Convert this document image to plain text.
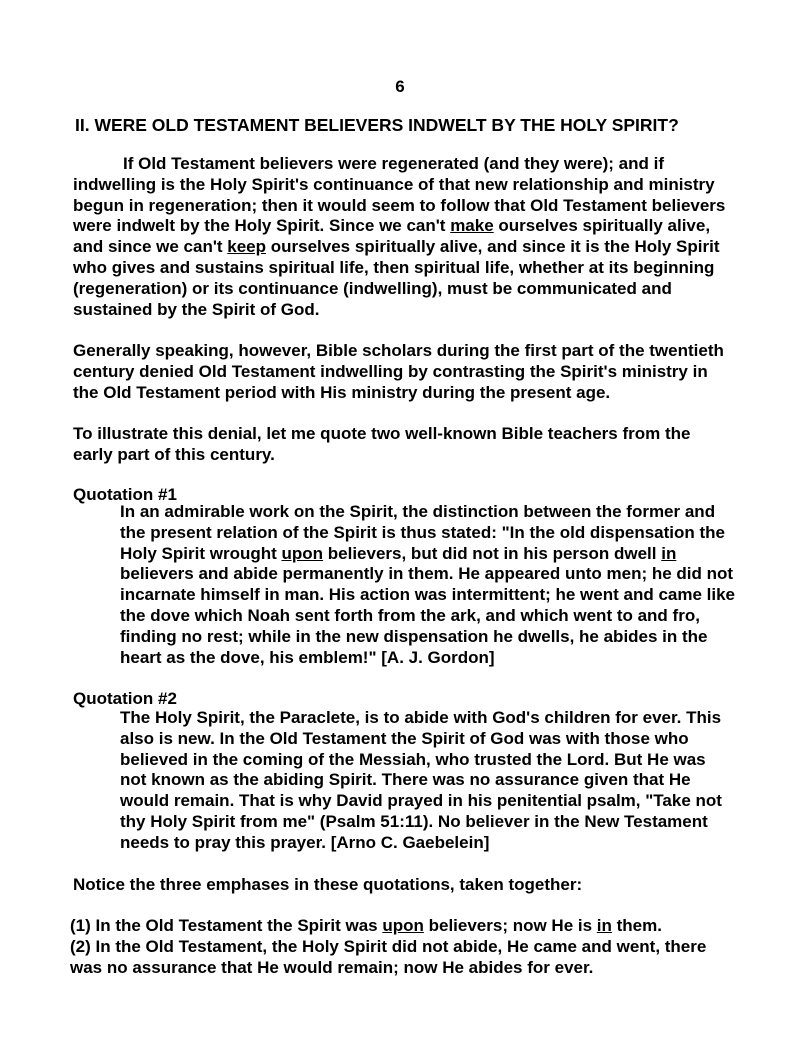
6
II. WERE OLD TESTAMENT BELIEVERS INDWELT BY THE HOLY SPIRIT?

If Old Testament believers were regenerated (and they were); and if indwelling is the Holy Spirit's continuance of that new relationship and ministry begun in regeneration; then it would seem to follow that Old Testament believers were indwelt by the Holy Spirit. Since we can't make ourselves spiritually alive, and since we can't keep ourselves spiritually alive, and since it is the Holy Spirit who gives and sustains spiritual life, then spiritual life, whether at its beginning (regeneration) or its continuance (indwelling), must be communicated and sustained by the Spirit of God.

Generally speaking, however, Bible scholars during the first part of the twentieth century denied Old Testament indwelling by contrasting the Spirit's ministry in the Old Testament period with His ministry during the present age.

To illustrate this denial, let me quote two well-known Bible teachers from the early part of this century.

Quotation #1

In an admirable work on the Spirit, the distinction between the former and the present relation of the Spirit is thus stated: "In the old dispensation the Holy Spirit wrought upon believers, but did not in his person dwell in believers and abide permanently in them. He appeared unto men; he did not incarnate himself in man. His action was intermittent; he went and came like the dove which Noah sent forth from the ark, and which went to and fro, finding no rest; while in the new dispensation he dwells, he abides in the heart as the dove, his emblem!" [A. J. Gordon]

Quotation #2

The Holy Spirit, the Paraclete, is to abide with God's children for ever. This also is new. In the Old Testament the Spirit of God was with those who believed in the coming of the Messiah, who trusted the Lord. But He was not known as the abiding Spirit. There was no assurance given that He would remain. That is why David prayed in his penitential psalm, "Take not thy Holy Spirit from me" (Psalm 51:11). No believer in the New Testament needs to pray this prayer. [Arno C. Gaebelein]

Notice the three emphases in these quotations, taken together:

(1) In the Old Testament the Spirit was upon believers; now He is in them.

(2) In the Old Testament, the Holy Spirit did not abide, He came and went, there was no assurance that He would remain; now He abides for ever.
